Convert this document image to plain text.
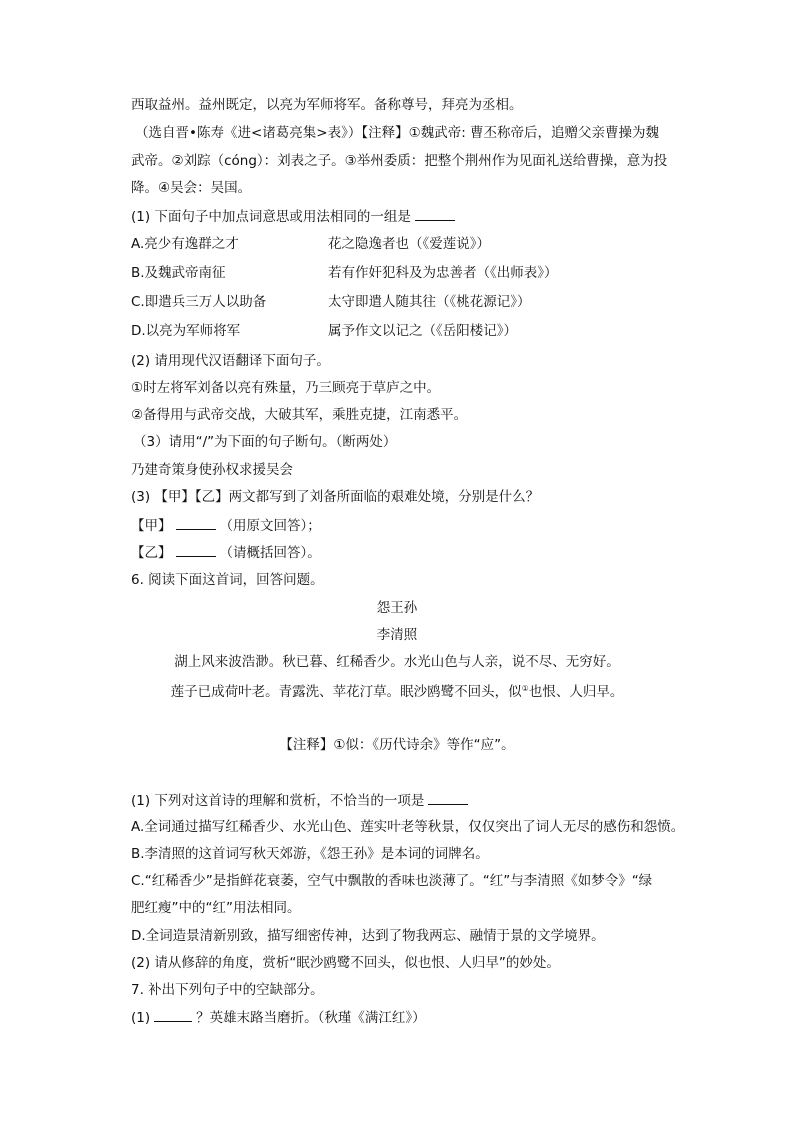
西取益州。益州既定，以亮为军师将军。备称尊号，拜亮为丞相。
（选自晋•陈寿《进<诸葛亮集>表》）【注释】①魏武帝: 曹丕称帝后，追赠父亲曹操为魏
武帝。②刘踪（cóng）：刘表之子。③举州委质：把整个荆州作为见面礼送给曹操，意为投
降。④吴会：吴国。
(1) 下面句子中加点词意思或用法相同的一组是
A.亮少有逸群之才	花之隐逸者也（《爱莲说》）
B.及魏武帝南征	若有作奸犯科及为忠善者（《出师表》）
C.即遣兵三万人以助备	太守即遣人随其往（《桃花源记》）
D.以亮为军师将军	属予作文以记之（《岳阳楼记》）
(2) 请用现代汉语翻译下面句子。
①时左将军刘备以亮有殊量，乃三顾亮于草庐之中。
②备得用与武帝交战，大破其军，乘胜克捷，江南悉平。
（3）请用“/”为下面的句子断句。（断两处）
乃建奇策身使孙权求援吴会
(3) 【甲】【乙】两文都写到了刘备所面临的艰难处境，分别是什么？
【甲】	（用原文回答）；
【乙】	（请概括回答）。
6. 阅读下面这首词，回答问题。
怨王孙
李清照
湖上风来波浩渺。秋已暮、红稀香少。水光山色与人亲，说不尽、无穷好。
莲子已成荷叶老。青露洗、苹花汀草。眠沙鸥鹭不回头，似①也恨、人归早。
【注释】①似：《历代诗余》等作“应”。
(1) 下列对这首诗的理解和赏析，不恰当的一项是
A.全词通过描写红稀香少、水光山色、莲实叶老等秋景，仅仅突出了词人无尽的感伤和怨愤。
B.李清照的这首词写秋天郊游，《怨王孙》是本词的词牌名。
C.“红稀香少”是指鲜花衰萎，空气中飘散的香味也淡薄了。“红”与李清照《如梦令》“绿
肥红瘦”中的“红”用法相同。
D.全词造景清新别致，描写细密传神，达到了物我两忘、融情于景的文学境界。
(2) 请从修辞的角度，赏析“眠沙鸥鹭不回头，似也恨、人归早”的妙处。
7. 补出下列句子中的空缺部分。
(1)	？英雄末路当磨折。（秋瑾《满江红》）
